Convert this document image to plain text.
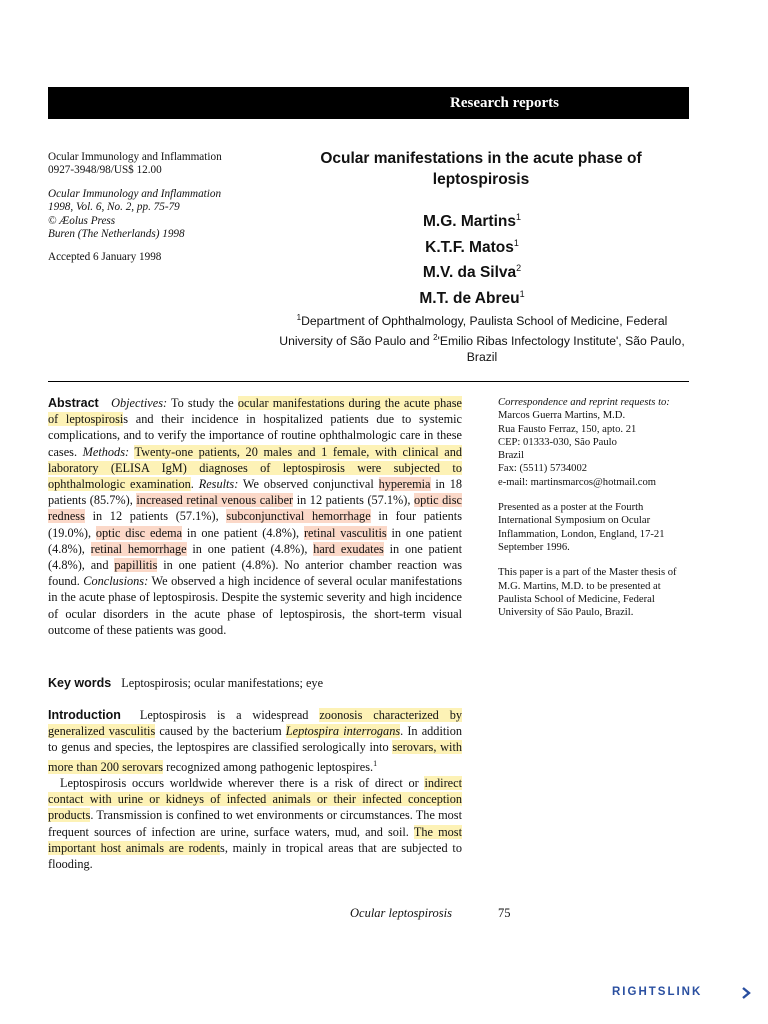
Research reports

Ocular Immunology and Inflammation
0927-3948/98/US$ 12.00

Ocular Immunology and Inflammation
1998, Vol. 6, No. 2, pp. 75-79
© Æolus Press
Buren (The Netherlands) 1998

Accepted 6 January 1998

Ocular manifestations in the acute phase of leptospirosis
M.G. Martins$^1$
K.T.F. Matos$^1$
M.V. da Silva$^2$
M.T. de Abreu$^1$
$^1$Department of Ophthalmology, Paulista School of Medicine, Federal University of São Paulo and $^2$'Emilio Ribas Infectology Institute', São Paulo, Brazil
Abstract Objectives: To study the ocular manifestations during the acute phase of leptospirosis and their incidence in hospitalized patients due to systemic complications, and to verify the importance of routine ophthalmologic care in these cases. Methods: Twenty-one patients, 20 males and 1 female, with clinical and laboratory (ELISA IgM) diagnoses of leptospirosis were subjected to ophthalmologic examination. Results: We observed conjunctival hyperemia in 18 patients (85.7%), increased retinal venous caliber in 12 patients (57.1%), optic disc redness in 12 patients (57.1%), subconjunctival hemorrhage in four patients (19.0%), optic disc edema in one patient (4.8%), retinal vasculitis in one patient (4.8%), retinal hemorrhage in one patient (4.8%), hard exudates in one patient (4.8%), and papillitis in one patient (4.8%). No anterior chamber reaction was found. Conclusions: We observed a high incidence of several ocular manifestations in the acute phase of leptospirosis. Despite the systemic severity and high incidence of ocular disorders in the acute phase of leptospirosis, the short-term visual outcome of these patients was good.
Key words Leptospirosis; ocular manifestations; eye

Introduction Leptospirosis is a widespread zoonosis characterized by generalized vasculitis caused by the bacterium Leptospira interrogans. In addition to genus and species, the leptospires are classified serologically into serovars, with more than 200 serovars recognized among pathogenic leptospires.$^1$

Leptospirosis occurs worldwide wherever there is a risk of direct or indirect contact with urine or kidneys of infected animals or their infected conception products. Transmission is confined to wet environments or circumstances. The most frequent sources of infection are urine, surface waters, mud, and soil. The most important host animals are rodents, mainly in tropical areas that are subjected to flooding.

Correspondence and reprint requests to:
Marcos Guerra Martins, M.D.
Rua Fausto Ferraz, 150, apto. 21
CEP: 01333-030, São Paulo
Brazil
Fax: (5511) 5734002
e-mail: martinsmarcos@hotmail.com

Presented as a poster at the Fourth International Symposium on Ocular Inflammation, London, England, 17-21 September 1996.

This paper is a part of the Master thesis of M.G. Martins, M.D. to be presented at Paulista School of Medicine, Federal University of São Paulo, Brazil.

Ocular leptospirosis	75
RIGHTSLINK
